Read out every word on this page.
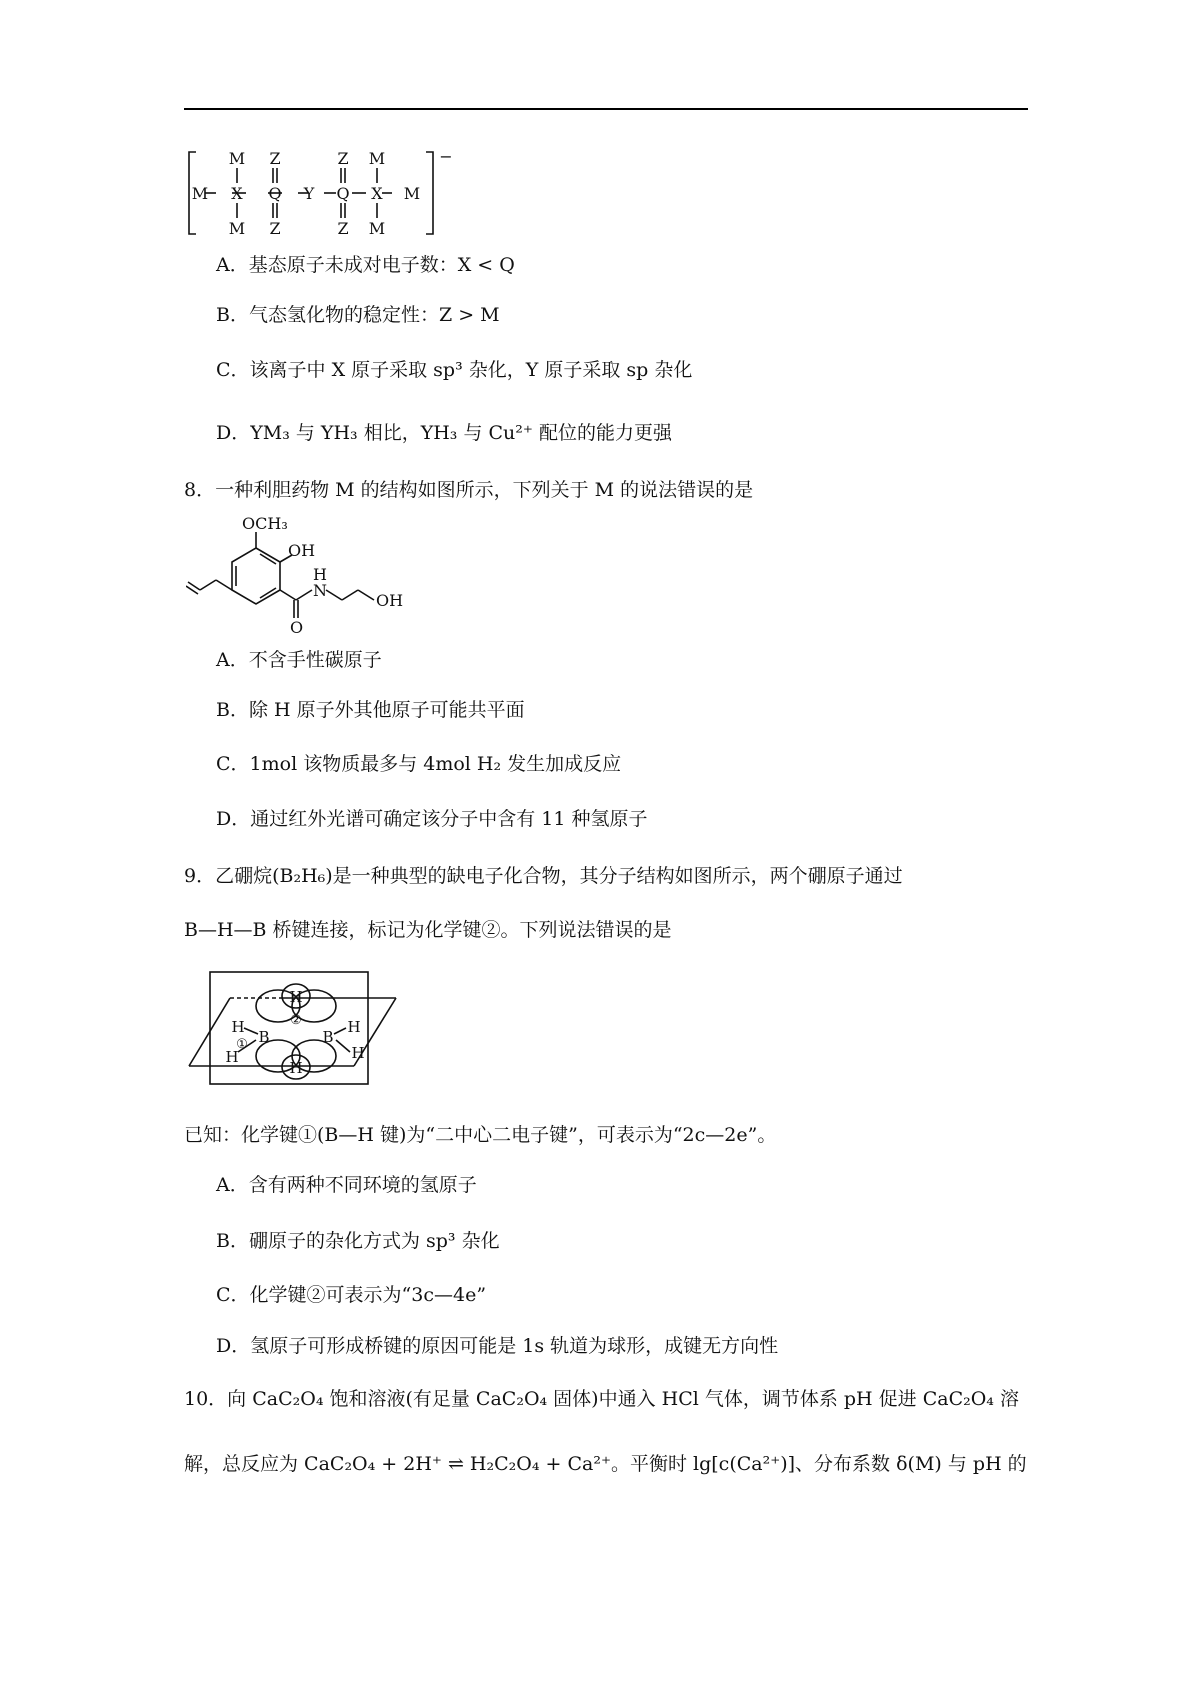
M Z	Z M
M X Q Y Q X M
M Z	Z M
−
A．基态原子未成对电子数：X < Q
B．气态氢化物的稳定性：Z > M
C．该离子中 X 原子采取 sp³ 杂化，Y 原子采取 sp 杂化
D．YM₃ 与 YH₃ 相比，YH₃ 与 Cu²⁺ 配位的能力更强
8．一种利胆药物 M 的结构如图所示，下列关于 M 的说法错误的是
OCH₃
OH
H
N
OH
O
A．不含手性碳原子
B．除 H 原子外其他原子可能共平面
C．1mol 该物质最多与 4mol H₂ 发生加成反应
D．通过红外光谱可确定该分子中含有 11 种氢原子
9．乙硼烷(B₂H₆)是一种典型的缺电子化合物，其分子结构如图所示，两个硼原子通过
B—H—B 桥键连接，标记为化学键②。下列说法错误的是
H
H
H
H
H
H
B	B
①
②
已知：化学键①(B—H 键)为“二中心二电子键”，可表示为“2c—2e”。
A．含有两种不同环境的氢原子
B．硼原子的杂化方式为 sp³ 杂化
C．化学键②可表示为“3c—4e”
D．氢原子可形成桥键的原因可能是 1s 轨道为球形，成键无方向性
10．向 CaC₂O₄ 饱和溶液(有足量 CaC₂O₄ 固体)中通入 HCl 气体，调节体系 pH 促进 CaC₂O₄ 溶
解，总反应为 CaC₂O₄ + 2H⁺ ⇌ H₂C₂O₄ + Ca²⁺。平衡时 lg[c(Ca²⁺)]、分布系数 δ(M) 与 pH 的
